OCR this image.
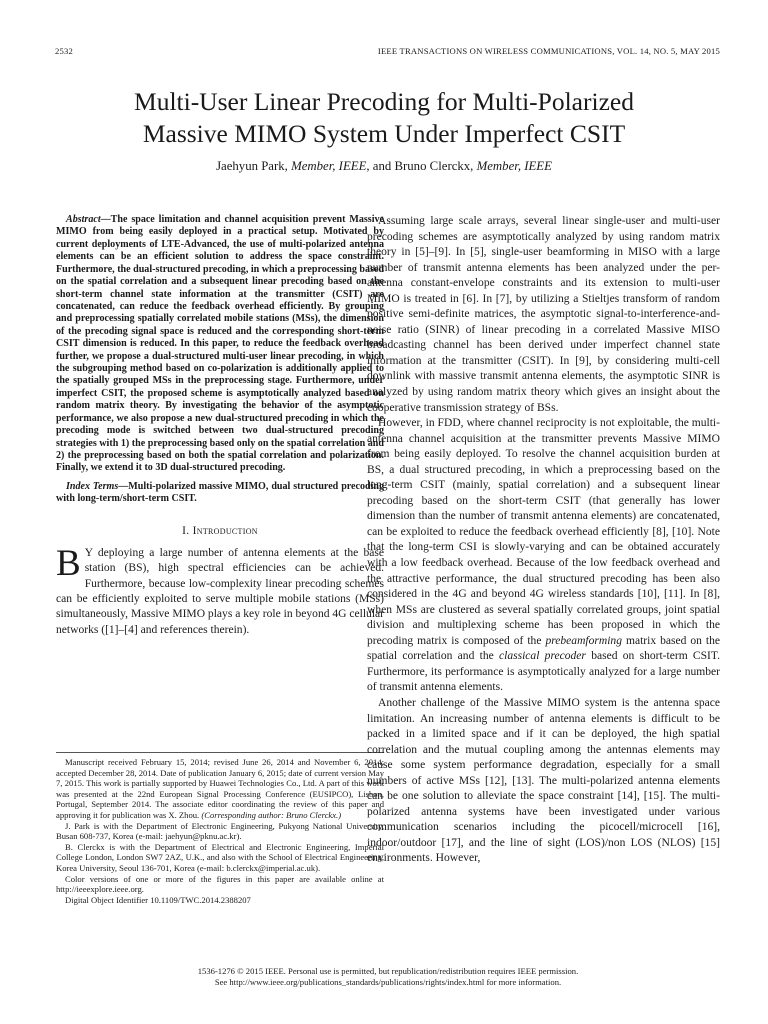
2532	IEEE TRANSACTIONS ON WIRELESS COMMUNICATIONS, VOL. 14, NO. 5, MAY 2015
Multi-User Linear Precoding for Multi-Polarized
Massive MIMO System Under Imperfect CSIT
Jaehyun Park, Member, IEEE, and Bruno Clerckx, Member, IEEE

Abstract—The space limitation and channel acquisition prevent Massive MIMO from being easily deployed in a practical setup. Motivated by current deployments of LTE-Advanced, the use of multi-polarized antenna elements can be an efficient solution to address the space constraint. Furthermore, the dual-structured precoding, in which a preprocessing based on the spatial correlation and a subsequent linear precoding based on the short-term channel state information at the transmitter (CSIT) are concatenated, can reduce the feedback overhead efficiently. By grouping and preprocessing spatially correlated mobile stations (MSs), the dimension of the precoding signal space is reduced and the corresponding short-term CSIT dimension is reduced. In this paper, to reduce the feedback overhead further, we propose a dual-structured multi-user linear precoding, in which the subgrouping method based on co-polarization is additionally applied to the spatially grouped MSs in the preprocessing stage. Furthermore, under imperfect CSIT, the proposed scheme is asymptotically analyzed based on random matrix theory. By investigating the behavior of the asymptotic performance, we also propose a new dual-structured precoding in which the precoding mode is switched between two dual-structured precoding strategies with 1) the preprocessing based only on the spatial correlation and 2) the preprocessing based on both the spatial correlation and polarization. Finally, we extend it to 3D dual-structured precoding.

Index Terms—Multi-polarized massive MIMO, dual structured precoding with long-term/short-term CSIT.

I. Introduction

B Y deploying a large number of antenna elements at the base station (BS), high spectral efficiencies can be achieved. Furthermore, because low-complexity linear precoding schemes can be efficiently exploited to serve multiple mobile stations (MSs) simultaneously, Massive MIMO plays a key role in beyond 4G cellular networks ([1]–[4] and references therein).

Manuscript received February 15, 2014; revised June 26, 2014 and November 6, 2014; accepted December 28, 2014. Date of publication January 6, 2015; date of current version May 7, 2015. This work is partially supported by Huawei Technologies Co., Ltd. A part of this work was presented at the 22nd European Signal Processing Conference (EUSIPCO), Lisbon, Portugal, September 2014. The associate editor coordinating the review of this paper and approving it for publication was X. Zhou. (Corresponding author: Bruno Clerckx.)

J. Park is with the Department of Electronic Engineering, Pukyong National University, Busan 608-737, Korea (e-mail: jaehyun@pknu.ac.kr).

B. Clerckx is with the Department of Electrical and Electronic Engineering, Imperial College London, London SW7 2AZ, U.K., and also with the School of Electrical Engineering, Korea University, Seoul 136-701, Korea (e-mail: b.clerckx@imperial.ac.uk).

Color versions of one or more of the figures in this paper are available online at http://ieeexplore.ieee.org.

Digital Object Identifier 10.1109/TWC.2014.2388207

Assuming large scale arrays, several linear single-user and multi-user precoding schemes are asymptotically analyzed by using random matrix theory in [5]–[9]. In [5], single-user beamforming in MISO with a large number of transmit antenna elements has been analyzed under the per-antenna constant-envelope constraints and its extension to multi-user MIMO is treated in [6]. In [7], by utilizing a Stieltjes transform of random positive semi-definite matrices, the asymptotic signal-to-interference-and-noise ratio (SINR) of linear precoding in a correlated Massive MISO broadcasting channel has been derived under imperfect channel state information at the transmitter (CSIT). In [9], by considering multi-cell downlink with massive transmit antenna elements, the asymptotic SINR is analyzed by using random matrix theory which gives an insight about the cooperative transmission strategy of BSs.

However, in FDD, where channel reciprocity is not exploitable, the multi-antenna channel acquisition at the transmitter prevents Massive MIMO from being easily deployed. To resolve the channel acquisition burden at BS, a dual structured precoding, in which a preprocessing based on the long-term CSIT (mainly, spatial correlation) and a subsequent linear precoding based on the short-term CSIT (that generally has lower dimension than the number of transmit antenna elements) are concatenated, can be exploited to reduce the feedback overhead efficiently [8], [10]. Note that the long-term CSI is slowly-varying and can be obtained accurately with a low feedback overhead. Because of the low feedback overhead and the attractive performance, the dual structured precoding has been also considered in the 4G and beyond 4G wireless standards [10], [11]. In [8], when MSs are clustered as several spatially correlated groups, joint spatial division and multiplexing scheme has been proposed in which the precoding matrix is composed of the prebeamforming matrix based on the spatial correlation and the classical precoder based on short-term CSIT. Furthermore, its performance is asymptotically analyzed for a large number of transmit antenna elements.

Another challenge of the Massive MIMO system is the antenna space limitation. An increasing number of antenna elements is difficult to be packed in a limited space and if it can be deployed, the high spatial correlation and the mutual coupling among the antennas elements may cause some system performance degradation, especially for a small numbers of active MSs [12], [13]. The multi-polarized antenna elements can be one solution to alleviate the space constraint [14], [15]. The multi-polarized antenna systems have been investigated under various communication scenarios including the picocell/microcell [16], indoor/outdoor [17], and the line of sight (LOS)/non LOS (NLOS) [15] environments. However,

1536-1276 © 2015 IEEE. Personal use is permitted, but republication/redistribution requires IEEE permission.
See http://www.ieee.org/publications_standards/publications/rights/index.html for more information.
